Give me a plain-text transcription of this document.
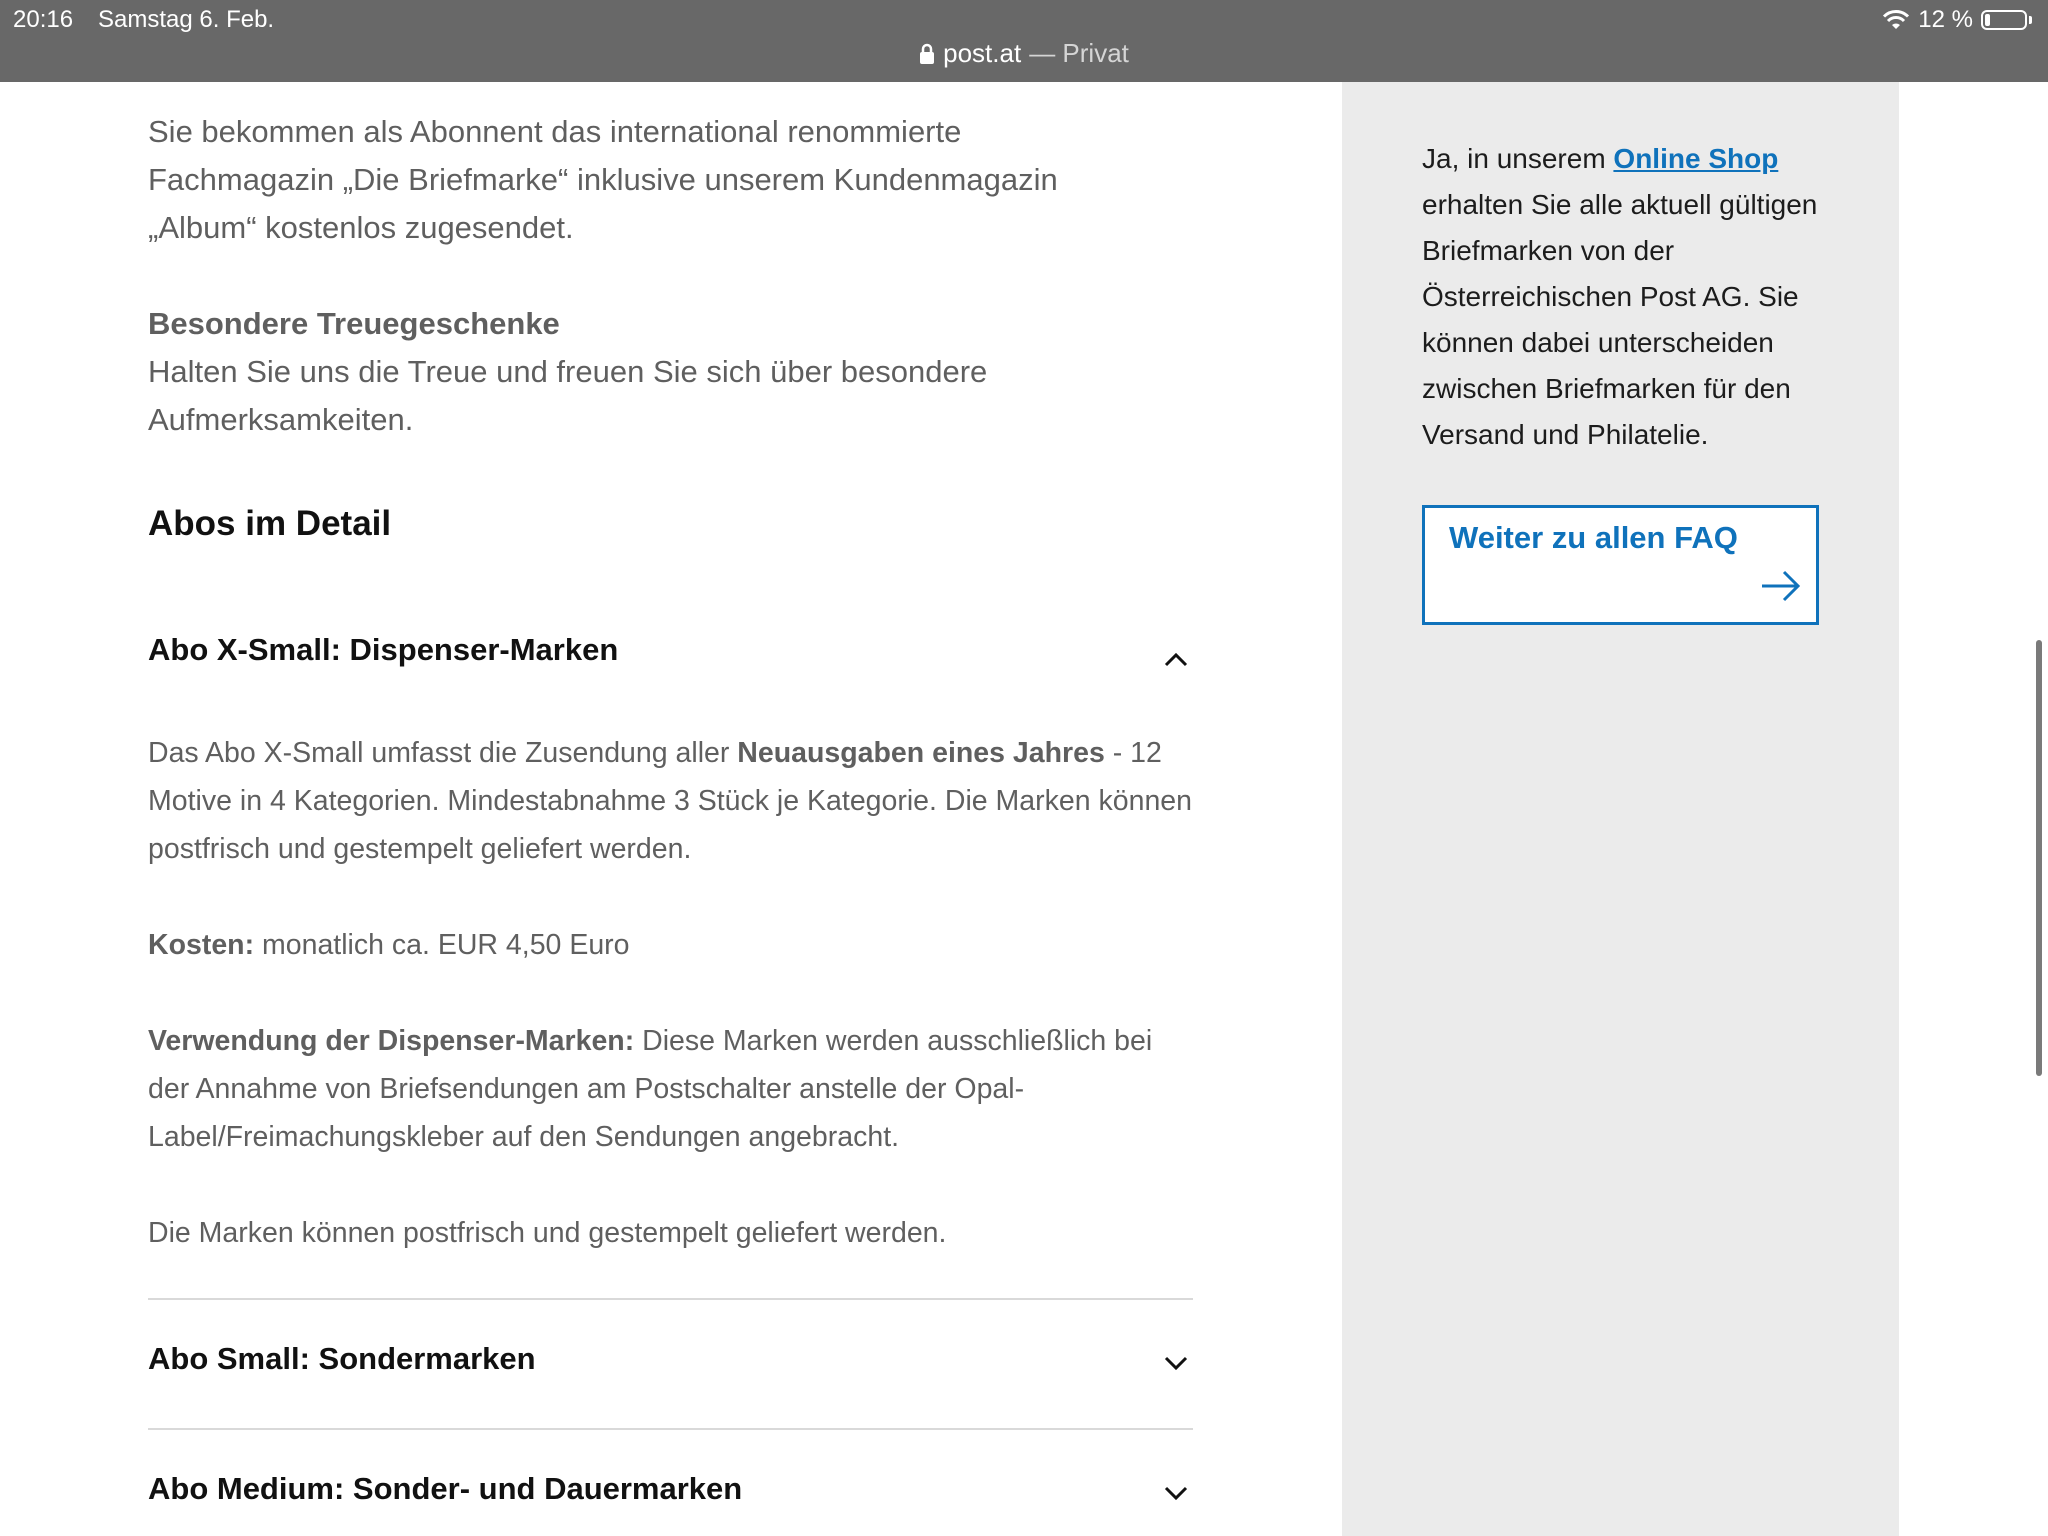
20:16 Samstag 6. Feb.	12 %
post.at — Privat

Sie bekommen als Abonnent das international renommierte Fachmagazin „Die Briefmarke“ inklusive unserem Kundenmagazin „Album“ kostenlos zugesendet.

Besondere Treuegeschenke

Halten Sie uns die Treue und freuen Sie sich über besondere Aufmerksamkeiten.

Abos im Detail
Abo X-Small: Dispenser-Marken

Das Abo X-Small umfasst die Zusendung aller Neuausgaben eines Jahres - 12 Motive in 4 Kategorien. Mindestabnahme 3 Stück je Kategorie. Die Marken können postfrisch und gestempelt geliefert werden.

Kosten: monatlich ca. EUR 4,50 Euro

Verwendung der Dispenser-Marken: Diese Marken werden ausschließlich bei der Annahme von Briefsendungen am Postschalter anstelle der Opal-Label/Freimachungskleber auf den Sendungen angebracht.

Die Marken können postfrisch und gestempelt geliefert werden.

Abo Small: Sondermarken
Abo Medium: Sonder- und Dauermarken

Ja, in unserem Online Shop erhalten Sie alle aktuell gültigen Briefmarken von der Österreichischen Post AG. Sie können dabei unterscheiden zwischen Briefmarken für den Versand und Philatelie.

Weiter zu allen FAQ
